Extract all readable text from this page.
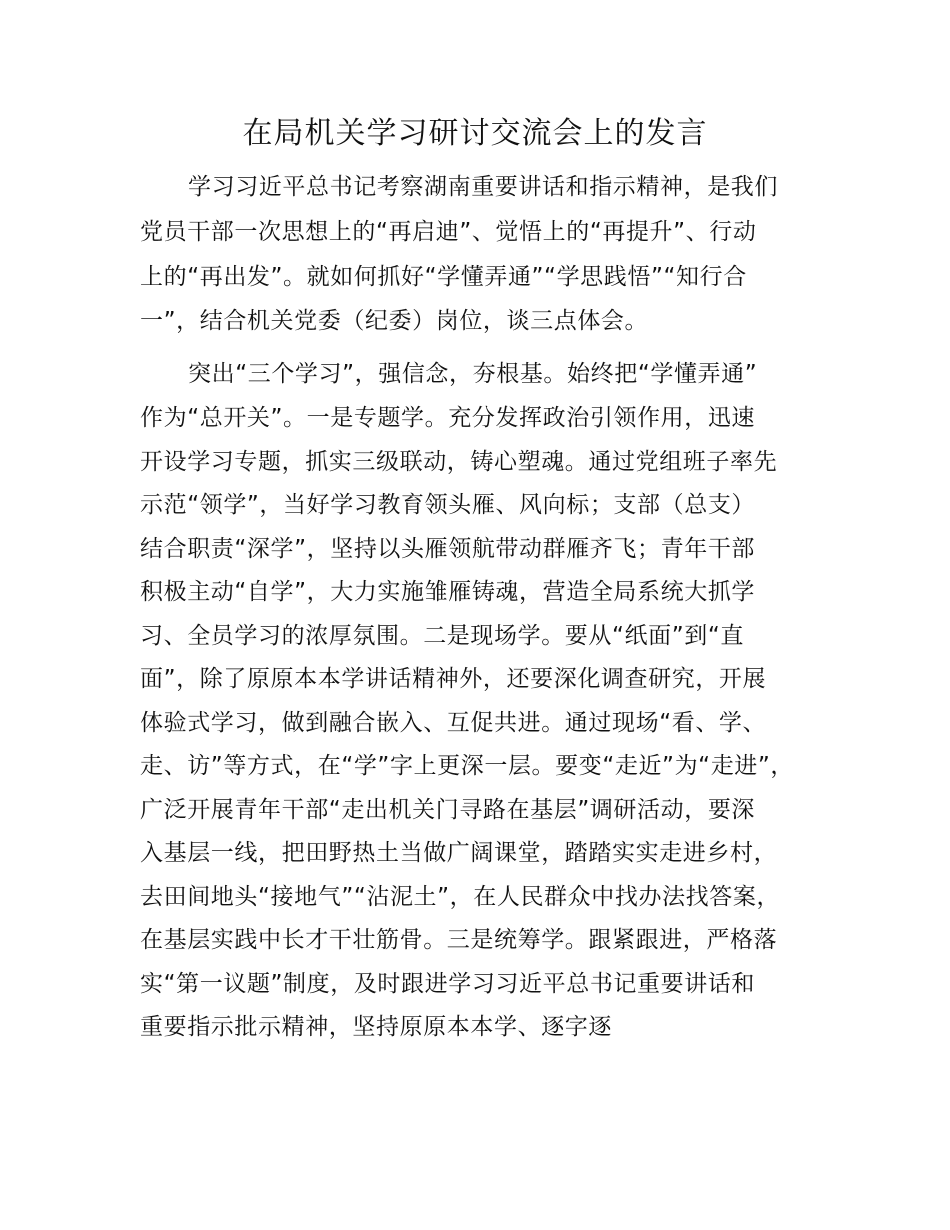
在局机关学习研讨交流会上的发言

学习习近平总书记考察湖南重要讲话和指示精神，是我们

党员干部一次思想上的“再启迪”、觉悟上的“再提升”、行动

上的“再出发”。就如何抓好“学懂弄通”“学思践悟”“知行合

一”，结合机关党委（纪委）岗位，谈三点体会。

突出“三个学习”，强信念，夯根基。始终把“学懂弄通”

作为“总开关”。一是专题学。充分发挥政治引领作用，迅速

开设学习专题，抓实三级联动，铸心塑魂。通过党组班子率先

示范“领学”，当好学习教育领头雁、风向标；支部（总支）

结合职责“深学”，坚持以头雁领航带动群雁齐飞；青年干部

积极主动“自学”，大力实施雏雁铸魂，营造全局系统大抓学

习、全员学习的浓厚氛围。二是现场学。要从“纸面”到“直

面”，除了原原本本学讲话精神外，还要深化调查研究，开展

体验式学习，做到融合嵌入、互促共进。通过现场“看、学、

走、访”等方式，在“学”字上更深一层。要变“走近”为“走进”，

广泛开展青年干部“走出机关门寻路在基层”调研活动，要深

入基层一线，把田野热土当做广阔课堂，踏踏实实走进乡村，

去田间地头“接地气”“沾泥土”，在人民群众中找办法找答案，

在基层实践中长才干壮筋骨。三是统筹学。跟紧跟进，严格落

实“第一议题”制度，及时跟进学习习近平总书记重要讲话和

重要指示批示精神，坚持原原本本学、逐字逐
